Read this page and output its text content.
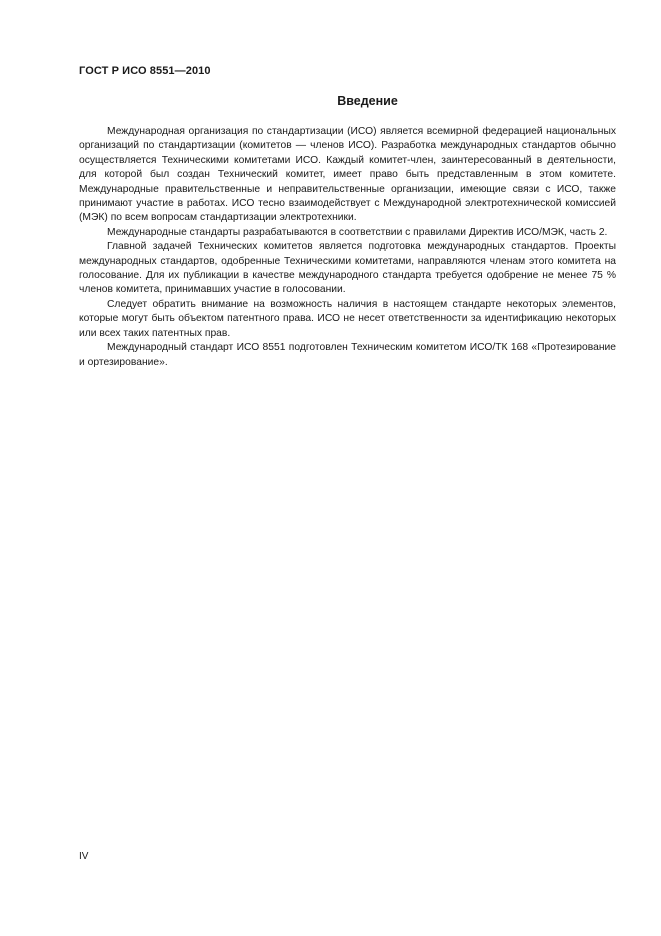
ГОСТ Р ИСО 8551—2010
Введение

Международная организация по стандартизации (ИСО) является всемирной федерацией национальных организаций по стандартизации (комитетов — членов ИСО). Разработка международных стандартов обычно осуществляется Техническими комитетами ИСО. Каждый комитет-член, заинтересованный в деятельности, для которой был создан Технический комитет, имеет право быть представленным в этом комитете. Международные правительственные и неправительственные организации, имеющие связи с ИСО, также принимают участие в работах. ИСО тесно взаимодействует с Международной электротехнической комиссией (МЭК) по всем вопросам стандартизации электротехники.

Международные стандарты разрабатываются в соответствии с правилами Директив ИСО/МЭК, часть 2.

Главной задачей Технических комитетов является подготовка международных стандартов. Проекты международных стандартов, одобренные Техническими комитетами, направляются членам этого комитета на голосование. Для их публикации в качестве международного стандарта требуется одобрение не менее 75 % членов комитета, принимавших участие в голосовании.

Следует обратить внимание на возможность наличия в настоящем стандарте некоторых элементов, которые могут быть объектом патентного права. ИСО не несет ответственности за идентификацию некоторых или всех таких патентных прав.

Международный стандарт ИСО 8551 подготовлен Техническим комитетом ИСО/ТК 168 «Протезирование и ортезирование».

IV
